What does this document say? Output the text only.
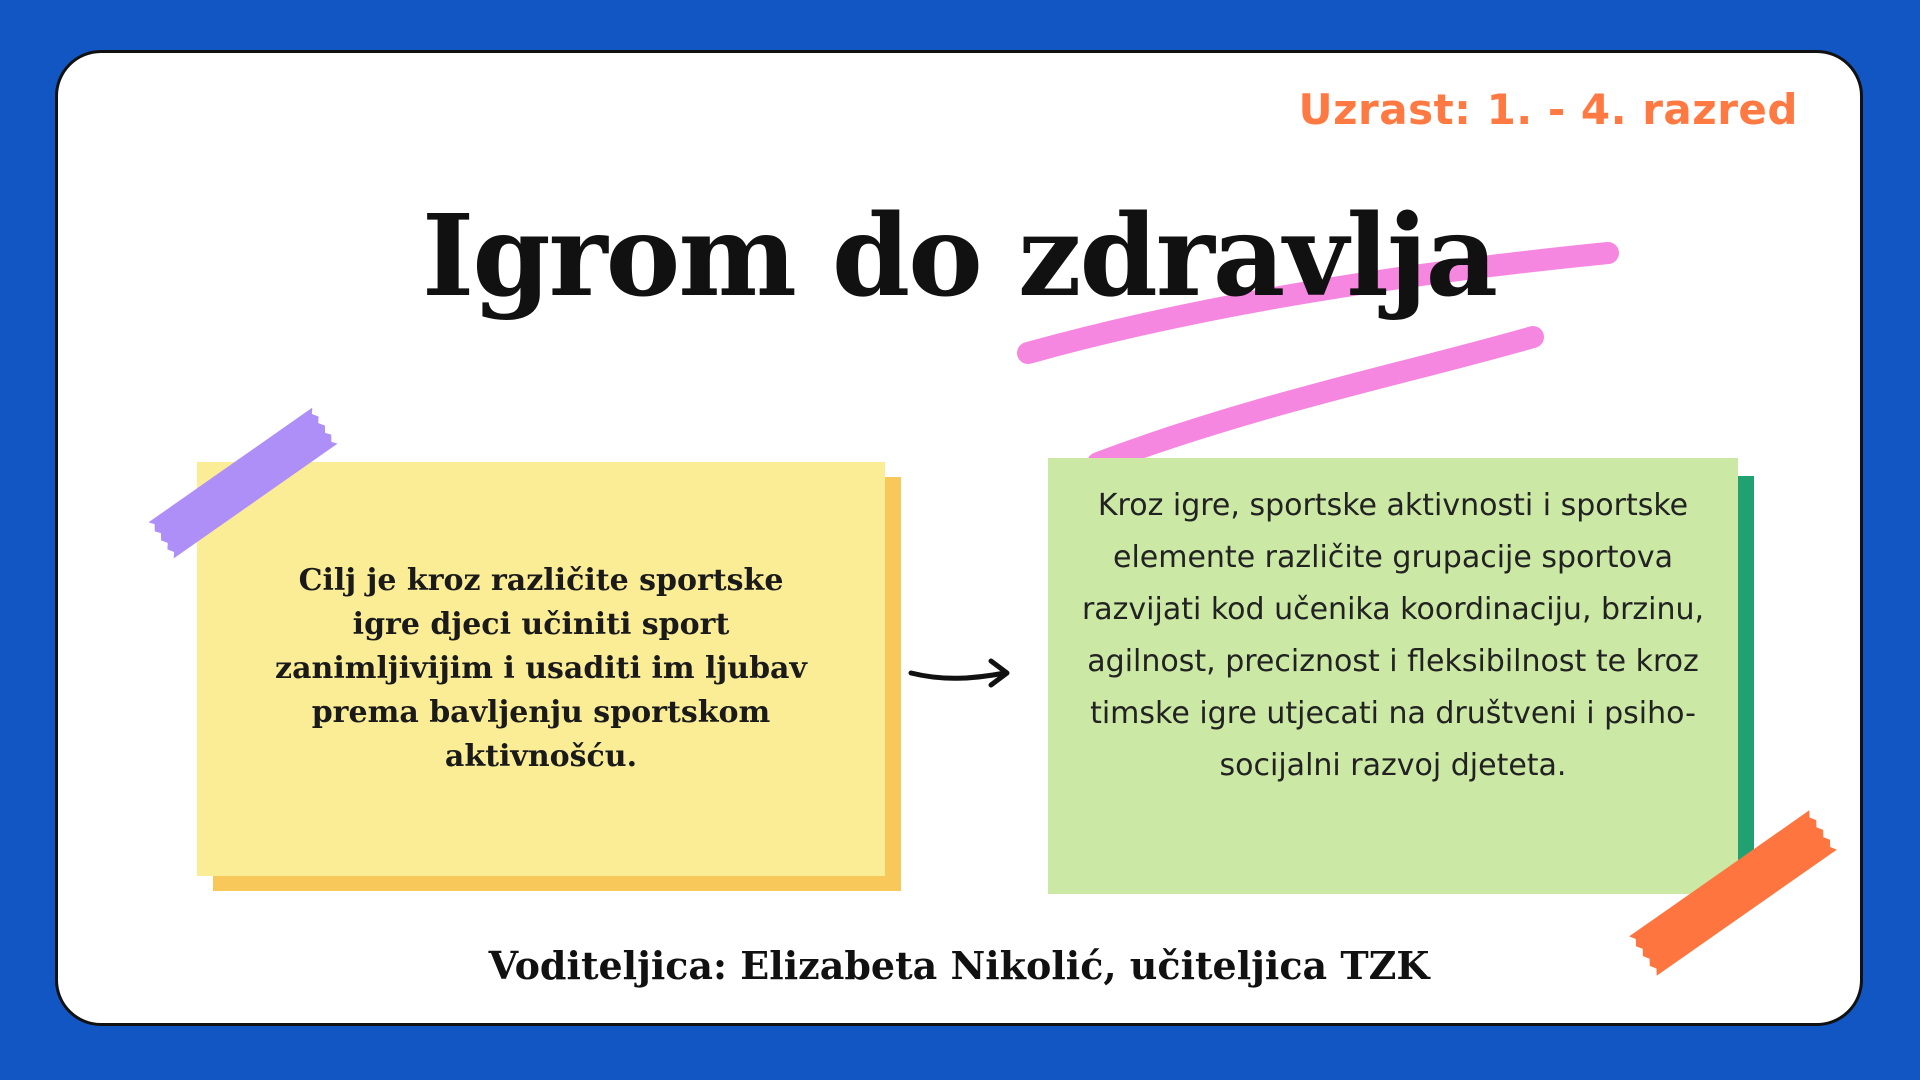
Uzrast: 1. - 4. razred
Igrom do zdravlja
Cilj je kroz različite sportske igre djeci učiniti sport zanimljivijim i usaditi im ljubav prema bavljenju sportskom aktivnošću.
Kroz igre, sportske aktivnosti i sportske elemente različite grupacije sportova razvijati kod učenika koordinaciju, brzinu, agilnost, preciznost i fleksibilnost te kroz timske igre utjecati na društveni i psiho-socijalni razvoj djeteta.
Voditeljica: Elizabeta Nikolić, učiteljica TZK
